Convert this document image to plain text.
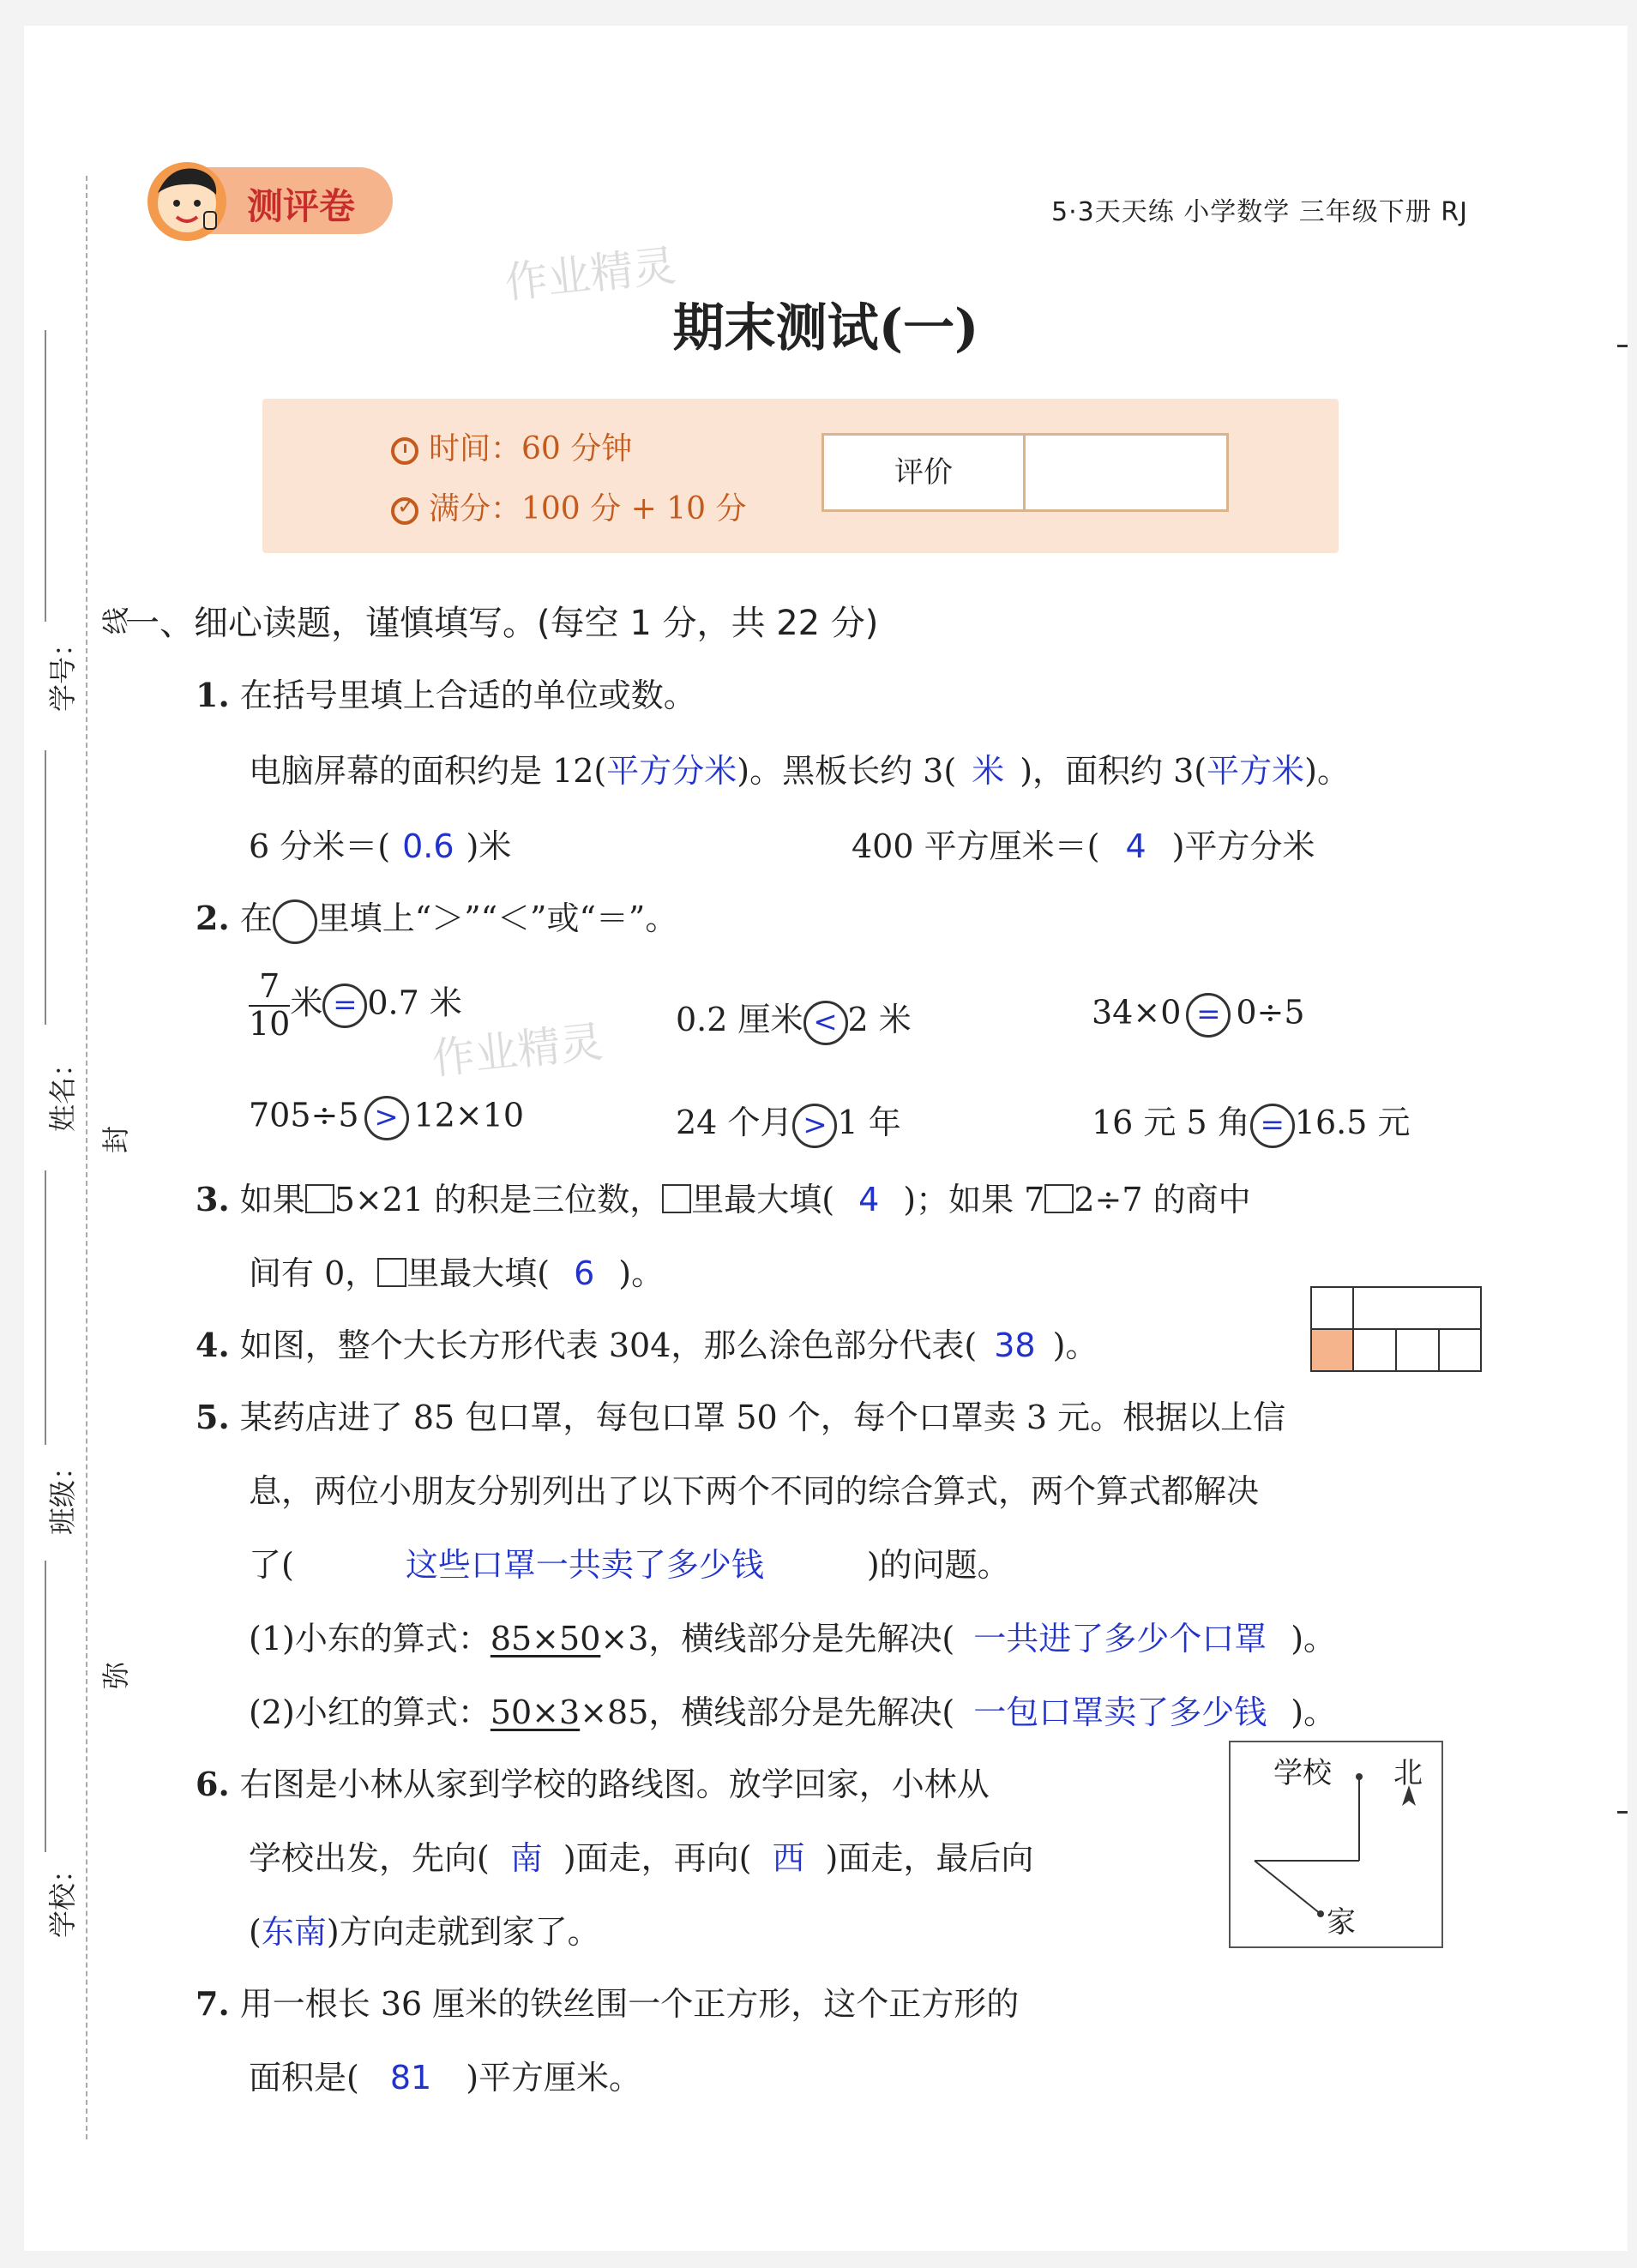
学号：
线
姓名：
封
班级：
弥
学校：
测评卷	5·3天天练 小学数学 三年级下册 RJ
作业精灵
期末测试(一)
时间：60 分钟
✓满分：100 分 + 10 分
评价
一、细心读题，谨慎填写。(每空 1 分，共 22 分)
1. 在括号里填上合适的单位或数。
电脑屏幕的面积约是 12(平方分米)。黑板长约 3( 米 )，面积约 3(平方米)。
6 分米＝( 0.6 )米	400 平方厘米＝( 4 )平方分米
2. 在 里填上“＞”“＜”或“＝”。
$\frac{7}{10}$米 = 0.7 米	0.2 厘米 < 2 米	34×0 = 0÷5
作业精灵
705÷5 > 12×10	24 个月 > 1 年	16 元 5 角 = 16.5 元
3. 如果 5×21 的积是三位数， 里最大填( 4 )；如果 7 2÷7 的商中
间有 0， 里最大填( 6 )。
4. 如图，整个大长方形代表 304，那么涂色部分代表( 38 )。
5. 某药店进了 85 包口罩，每包口罩 50 个，每个口罩卖 3 元。根据以上信
息，两位小朋友分别列出了以下两个不同的综合算式，两个算式都解决
了(	这些口罩一共卖了多少钱	)的问题。
(1)小东的算式：85×50×3，横线部分是先解决( 一共进了多少个口罩 )。
(2)小红的算式：50×3×85，横线部分是先解决( 一包口罩卖了多少钱 )。
6. 右图是小林从家到学校的路线图。放学回家，小林从
学校出发，先向( 南 )面走，再向( 西 )面走，最后向
(东南)方向走就到家了。
学校 北
家
7. 用一根长 36 厘米的铁丝围一个正方形，这个正方形的
面积是( 81 )平方厘米。
